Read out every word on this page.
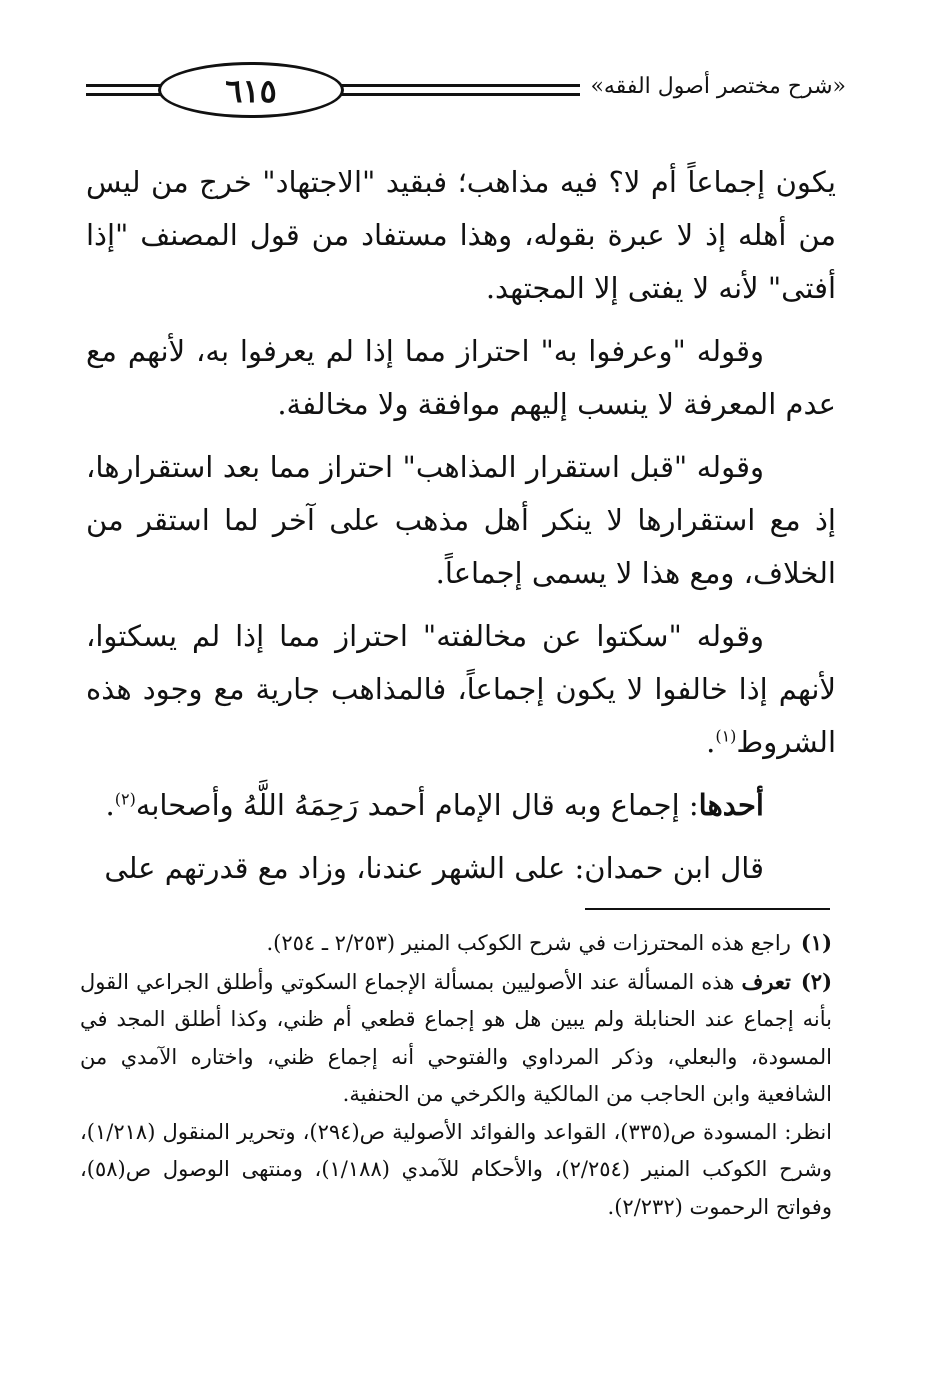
«شرح مختصر أصول الفقه»
٦١٥

يكون إجماعاً أم لا؟ فيه مذاهب؛ فبقيد "الاجتهاد" خرج من ليس من أهله إذ لا عبرة بقوله، وهذا مستفاد من قول المصنف "إذا أفتى" لأنه لا يفتى إلا المجتهد.

وقوله "وعرفوا به" احتراز مما إذا لم يعرفوا به، لأنهم مع عدم المعرفة لا ينسب إليهم موافقة ولا مخالفة.

وقوله "قبل استقرار المذاهب" احتراز مما بعد استقرارها، إذ مع استقرارها لا ينكر أهل مذهب على آخر لما استقر من الخلاف، ومع هذا لا يسمى إجماعاً.

وقوله "سكتوا عن مخالفته" احتراز مما إذا لم يسكتوا، لأنهم إذا خالفوا لا يكون إجماعاً، فالمذاهب جارية مع وجود هذه الشروط$^{(١)}$.

أحدها: إجماع وبه قال الإمام أحمد رَحِمَهُ اللَّهُ وأصحابه$^{(٢)}$.

قال ابن حمدان: على الشهر عندنا، وزاد مع قدرتهم على

(١)راجع هذه المحترزات في شرح الكوكب المنير (٢/٢٥٣ ـ ٢٥٤).

(٢)تعرف هذه المسألة عند الأصوليين بمسألة الإجماع السكوتي وأطلق الجراعي القول بأنه إجماع عند الحنابلة ولم يبين هل هو إجماع قطعي أم ظني، وكذا أطلق المجد في المسودة، والبعلي، وذكر المرداوي والفتوحي أنه إجماع ظني، واختاره الآمدي من الشافعية وابن الحاجب من المالكية والكرخي من الحنفية.

انظر: المسودة ص(٣٣٥)، القواعد والفوائد الأصولية ص(٢٩٤)، وتحرير المنقول (١/٢١٨)، وشرح الكوكب المنير (٢/٢٥٤)، والأحكام للآمدي (١/١٨٨)، ومنتهى الوصول ص(٥٨)، وفواتح الرحموت (٢/٢٣٢).
